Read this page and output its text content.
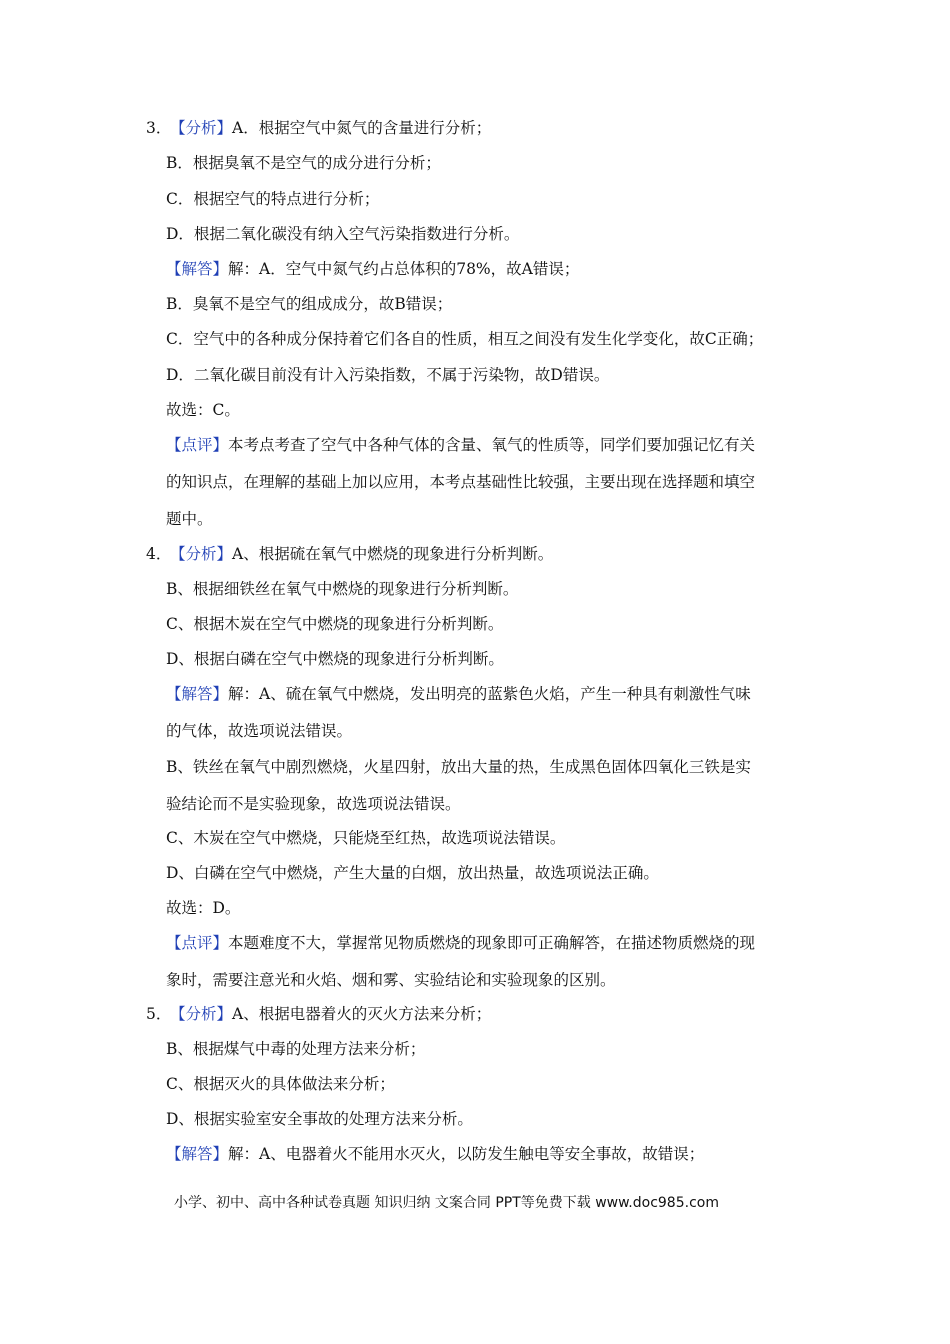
3．【分析】A．根据空气中氮气的含量进行分析；
B．根据臭氧不是空气的成分进行分析；
C．根据空气的特点进行分析；
D．根据二氧化碳没有纳入空气污染指数进行分析。
【解答】解：A．空气中氮气约占总体积的78%，故A错误；
B．臭氧不是空气的组成成分，故B错误；
C．空气中的各种成分保持着它们各自的性质，相互之间没有发生化学变化，故C正确；
D．二氧化碳目前没有计入污染指数，不属于污染物，故D错误。
故选：C。
【点评】本考点考查了空气中各种气体的含量、氧气的性质等，同学们要加强记忆有关
的知识点，在理解的基础上加以应用，本考点基础性比较强，主要出现在选择题和填空
题中。
4．【分析】A、根据硫在氧气中燃烧的现象进行分析判断。
B、根据细铁丝在氧气中燃烧的现象进行分析判断。
C、根据木炭在空气中燃烧的现象进行分析判断。
D、根据白磷在空气中燃烧的现象进行分析判断。
【解答】解：A、硫在氧气中燃烧，发出明亮的蓝紫色火焰，产生一种具有刺激性气味
的气体，故选项说法错误。
B、铁丝在氧气中剧烈燃烧，火星四射，放出大量的热，生成黑色固体四氧化三铁是实
验结论而不是实验现象，故选项说法错误。
C、木炭在空气中燃烧，只能烧至红热，故选项说法错误。
D、白磷在空气中燃烧，产生大量的白烟，放出热量，故选项说法正确。
故选：D。
【点评】本题难度不大，掌握常见物质燃烧的现象即可正确解答，在描述物质燃烧的现
象时，需要注意光和火焰、烟和雾、实验结论和实验现象的区别。
5．【分析】A、根据电器着火的灭火方法来分析；
B、根据煤气中毒的处理方法来分析；
C、根据灭火的具体做法来分析；
D、根据实验室安全事故的处理方法来分析。
【解答】解：A、电器着火不能用水灭火，以防发生触电等安全事故，故错误；
小学、初中、高中各种试卷真题 知识归纳 文案合同 PPT等免费下载 www.doc985.com
